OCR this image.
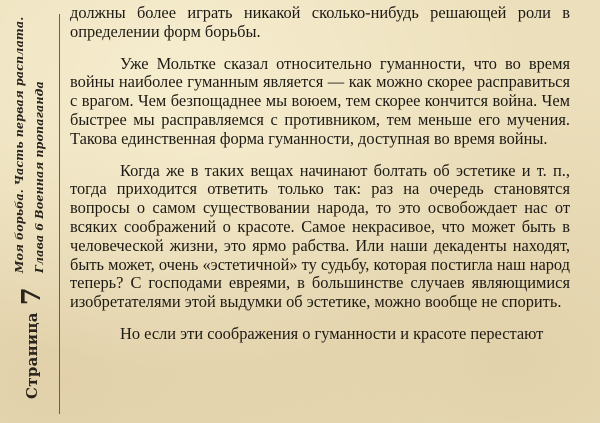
Страница
7
Моя борьба. Часть первая расплата. Глава 6 Военная пропаганда

должны более играть никакой сколько-нибудь решающей роли в определении форм борьбы.

Уже Мольтке сказал относительно гуманности, что во время войны наиболее гуманным является — как можно скорее расправиться с врагом. Чем безпощаднее мы воюем, тем скорее кончится война. Чем быстрее мы расправляемся с противником, тем меньше его мучения. Такова единственная форма гуманности, доступная во время войны.

Когда же в таких вещах начинают болтать об эстетике и т. п., тогда приходится ответить только так: раз на очередь становятся вопросы о самом существовании народа, то это освобождает нас от всяких соображений о красоте. Самое некрасивое, что может быть в человеческой жизни, это ярмо рабства. Или наши декаденты находят, быть может, очень «эстетичной» ту судьбу, которая постигла наш народ теперь? С господами евреями, в большинстве случаев являющимися изобретателями этой выдумки об эстетике, можно вообще не спорить.

Но если эти соображения о гуманности и красоте перестают
